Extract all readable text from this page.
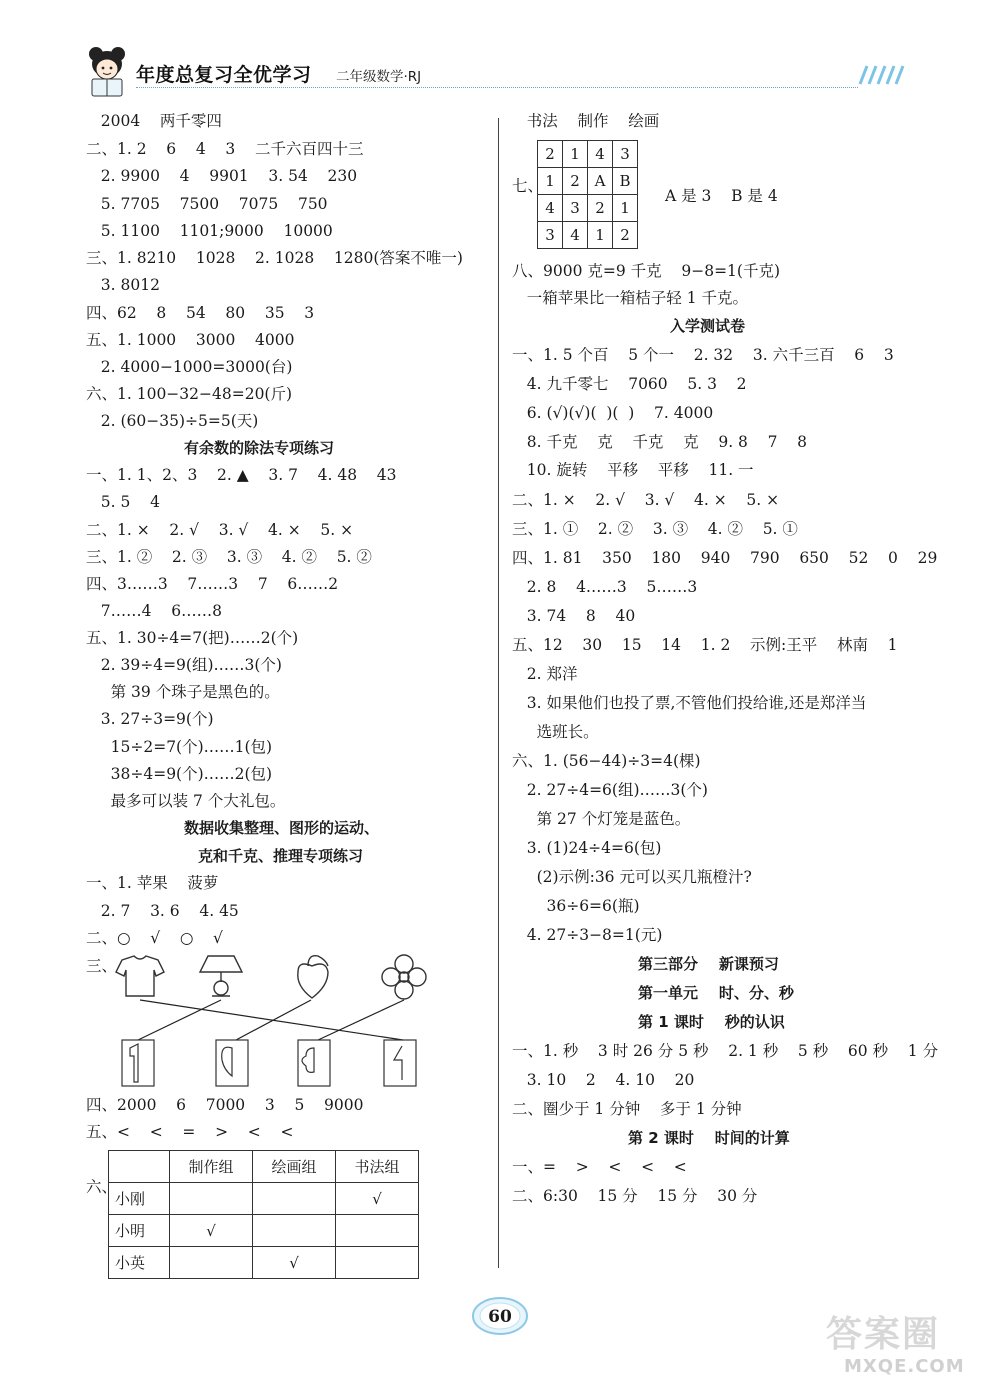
年度总复习全优学习 二年级数学·RJ
2004    两千零四
二、1. 2    6    4    3    二千六百四十三
2. 9900    4    9901    3. 54    230
5. 7705    7500    7075    750
5. 1100    1101;9000    10000
三、1. 8210    1028    2. 1028    1280(答案不唯一)
3. 8012
四、62    8    54    80    35    3
五、1. 1000    3000    4000
2. 4000−1000=3000(台)
六、1. 100−32−48=20(斤)
2. (60−35)÷5=5(天)
有余数的除法专项练习
一、1. 1、2、3    2. ▲    3. 7    4. 48    43
5. 5    4
二、1. ×    2. √    3. √    4. ×    5. ×
三、1. ②    2. ③    3. ③    4. ②    5. ②
四、3……3    7……3    7    6……2
7……4    6……8
五、1. 30÷4=7(把)……2(个)
2. 39÷4=9(组)……3(个)
第 39 个珠子是黑色的。
3. 27÷3=9(个)
15÷2=7(个)……1(包)
38÷4=9(个)……2(包)
最多可以装 7 个大礼包。
数据收集整理、图形的运动、
克和千克、推理专项练习
一、1. 苹果    菠萝
2. 7    3. 6    4. 45
二、○    √    ○    √
三、
四、2000    6    7000    3    5    9000
五、<    <    =    >    <    <
六、
	制作组	绘画组	书法组
小刚			√
小明	√		
小英		√	
书法    制作    绘画
七、
A 是 3    B 是 4
八、9000 克=9 千克    9−8=1(千克)
一箱苹果比一箱桔子轻 1 千克。
入学测试卷
一、1. 5 个百    5 个一    2. 32    3. 六千三百    6    3
4. 九千零七    7060    5. 3    2
6. (√)(√)(  )(  )    7. 4000
8. 千克    克    千克    克    9. 8    7    8
10. 旋转    平移    平移    11. 一
二、1. ×    2. √    3. √    4. ×    5. ×
三、1. ①    2. ②    3. ③    4. ②    5. ①
四、1. 81    350    180    940    790    650    52    0    29
2. 8    4……3    5……3
3. 74    8    40
五、12    30    15    14    1. 2    示例:王平    林南    1
2. 郑洋
3. 如果他们也投了票,不管他们投给谁,还是郑洋当
选班长。
六、1. (56−44)÷3=4(棵)
2. 27÷4=6(组)……3(个)
第 27 个灯笼是蓝色。
3. (1)24÷4=6(包)
(2)示例:36 元可以买几瓶橙汁?
36÷6=6(瓶)
4. 27÷3−8=1(元)
第三部分    新课预习
第一单元    时、分、秒
第 1 课时    秒的认识
一、1. 秒    3 时 26 分 5 秒    2. 1 秒    5 秒    60 秒    1 分
3. 10    2    4. 10    20
二、圈少于 1 分钟    多于 1 分钟
第 2 课时    时间的计算
一、=    >    <    <    <
二、6:30    15 分    15 分    30 分
2	1	4	3
1	2	A	B
4	3	2	1
3	4	1	2
60	答案圈
MXQE.COM
